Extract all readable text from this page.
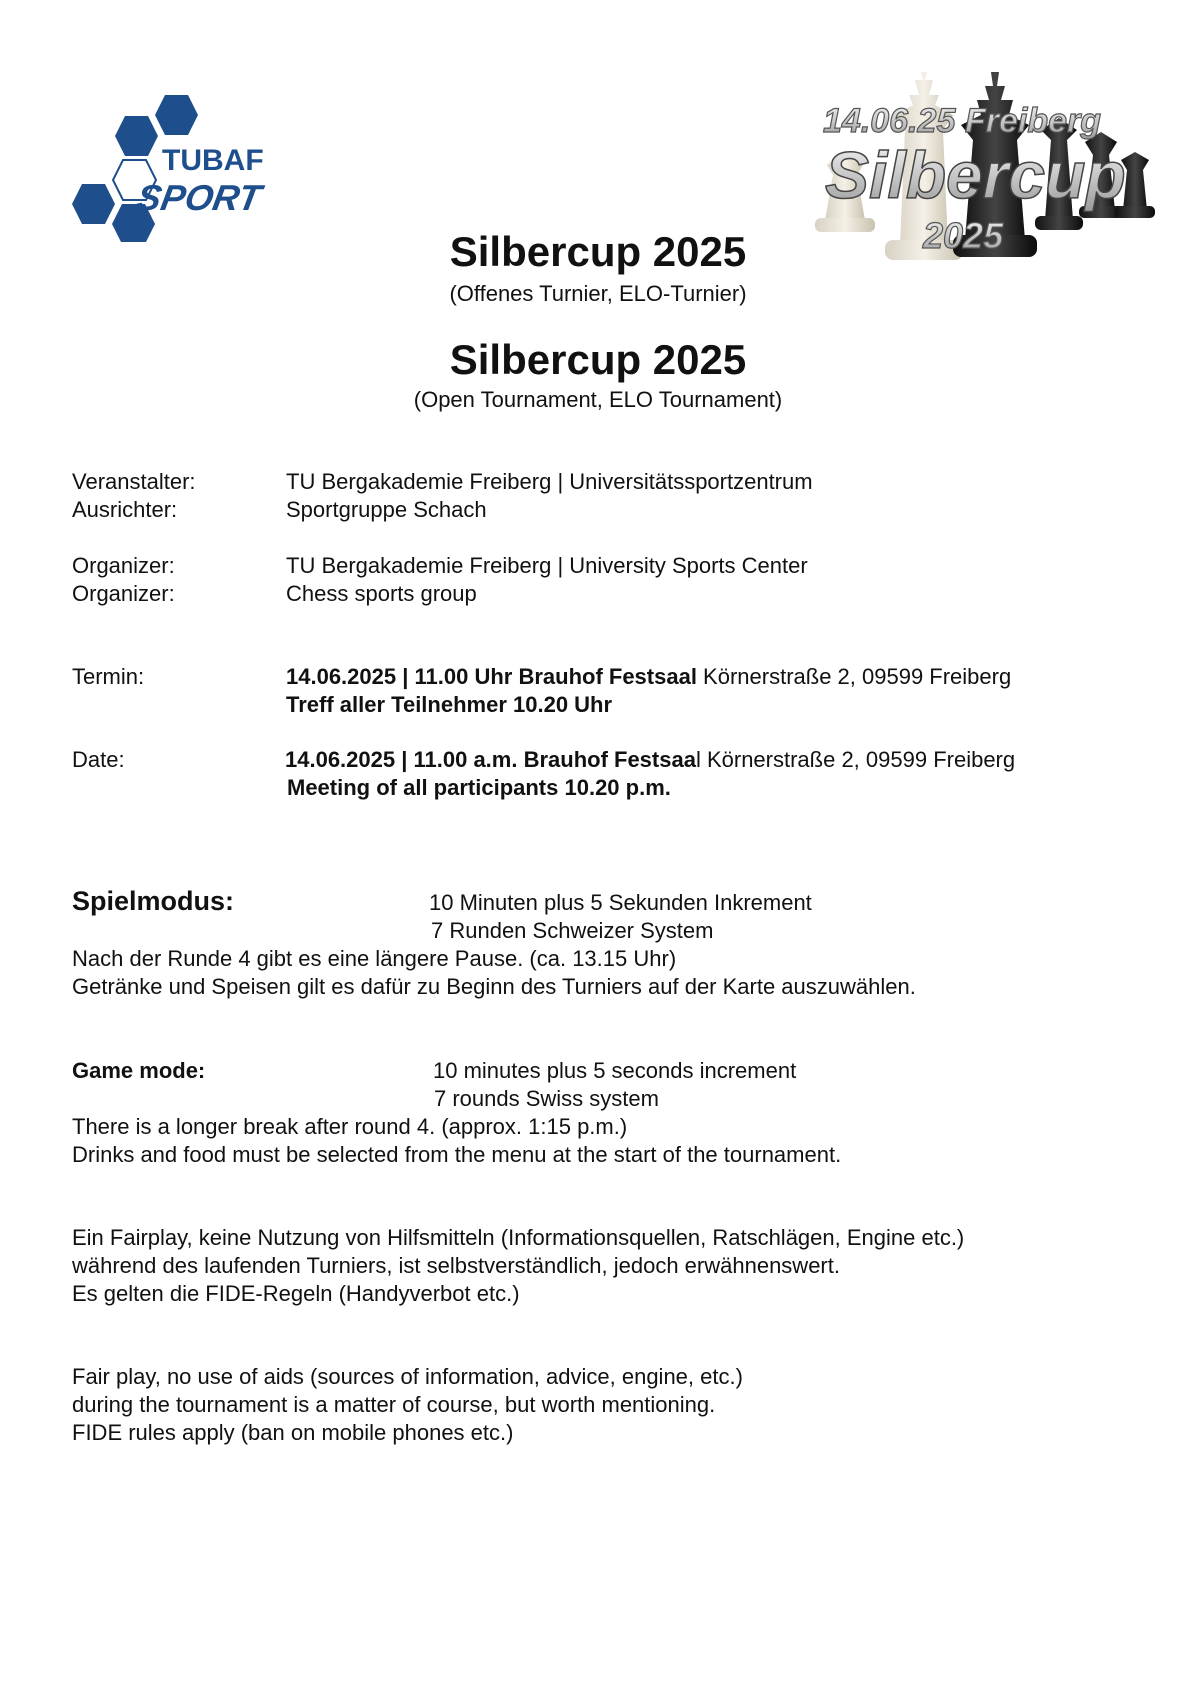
TUBAF
SPORT
14.06.25 Freiberg
Silbercup
2025
Silbercup 2025
(Offenes Turnier, ELO-Turnier)
Silbercup 2025
(Open Tournament, ELO Tournament)
Veranstalter:	TU Bergakademie Freiberg | Universitätssportzentrum
Ausrichter:	Sportgruppe Schach
Organizer:	TU Bergakademie Freiberg | University Sports Center
Organizer:	Chess sports group
Termin:	14.06.2025 | 11.00 Uhr Brauhof Festsaal Körnerstraße 2, 09599 Freiberg
Treff aller Teilnehmer 10.20 Uhr
Date:	14.06.2025 | 11.00 a.m. Brauhof Festsaal Körnerstraße 2, 09599 Freiberg
Meeting of all participants 10.20 p.m.
Spielmodus:	10 Minuten plus 5 Sekunden Inkrement
7 Runden Schweizer System
Nach der Runde 4 gibt es eine längere Pause. (ca. 13.15 Uhr)
Getränke und Speisen gilt es dafür zu Beginn des Turniers auf der Karte auszuwählen.
Game mode:	10 minutes plus 5 seconds increment
7 rounds Swiss system
There is a longer break after round 4. (approx. 1:15 p.m.)
Drinks and food must be selected from the menu at the start of the tournament.
Ein Fairplay, keine Nutzung von Hilfsmitteln (Informationsquellen, Ratschlägen, Engine etc.)
während des laufenden Turniers, ist selbstverständlich, jedoch erwähnenswert.
Es gelten die FIDE-Regeln (Handyverbot etc.)
Fair play, no use of aids (sources of information, advice, engine, etc.)
during the tournament is a matter of course, but worth mentioning.
FIDE rules apply (ban on mobile phones etc.)
